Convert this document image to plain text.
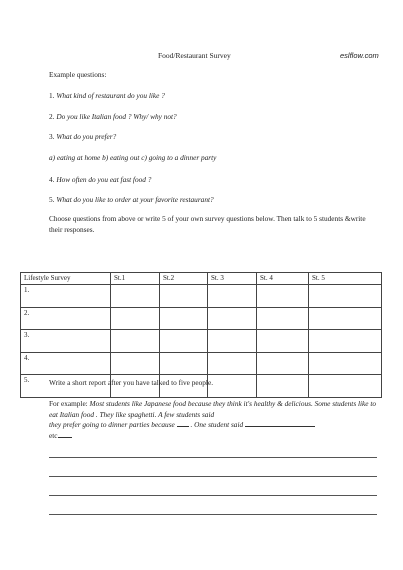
Food/Restaurant Survey	eslflow.com
Example questions:
1. What kind of restaurant do you like ?
2. Do you like Italian food ? Why/ why not?
3. What do you prefer?
a) eating at home b) eating out c) going to a dinner party
4. How often do you eat fast food ?
5. What do you like to order at your favorite restaurant?
Choose questions from above or write 5 of your own survey questions below. Then talk to 5 students &write their responses.
Lifestyle Survey	St.1	St.2	St. 3	St. 4	St. 5
1.					
2.					
3.					
4.					
5.						Write a short report after you have talked to five people.
For example: Most students like Japanese food because they think it's healthy & delicious. Some students like to eat Italian food . They like spaghetti. A few students said
they prefer going to dinner parties because . One student said
etc
